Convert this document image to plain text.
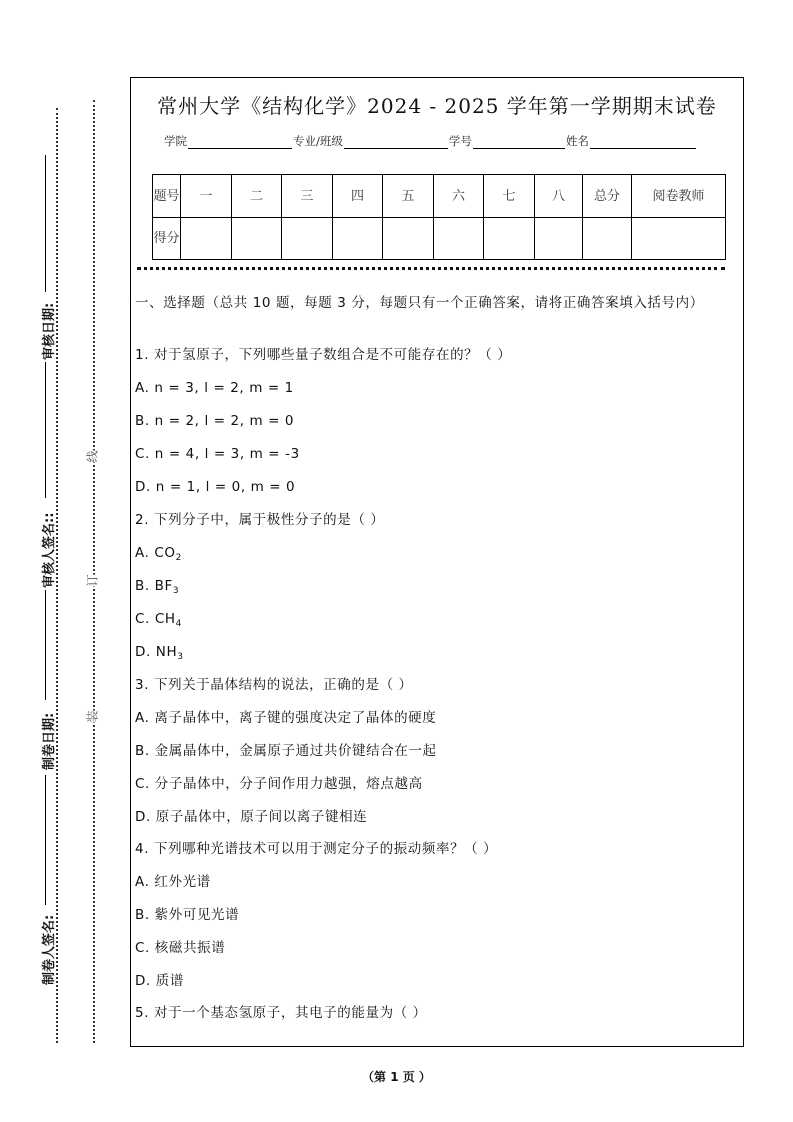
审核日期:
审核人签名::
制卷日期:
制卷人签名:
线
订
装
常州大学《结构化学》2024 - 2025 学年第一学期期末试卷
学院	专业/班级	学号	姓名
题号	一	二	三	四	五	六	七	八	总分	阅卷教师
得分										
一、选择题（总共 10 题，每题 3 分，每题只有一个正确答案，请将正确答案填入括号内）
1. 对于氢原子，下列哪些量子数组合是不可能存在的？（ ）
A. n = 3, l = 2, m = 1
B. n = 2, l = 2, m = 0
C. n = 4, l = 3, m = -3
D. n = 1, l = 0, m = 0
2. 下列分子中，属于极性分子的是（ ）
A. $CO_2$
B. $BF_3$
C. $CH_4$
D. $NH_3$
3. 下列关于晶体结构的说法，正确的是（ ）
A. 离子晶体中，离子键的强度决定了晶体的硬度
B. 金属晶体中，金属原子通过共价键结合在一起
C. 分子晶体中，分子间作用力越强，熔点越高
D. 原子晶体中，原子间以离子键相连
4. 下列哪种光谱技术可以用于测定分子的振动频率？（ ）
A. 红外光谱
B. 紫外可见光谱
C. 核磁共振谱
D. 质谱
5. 对于一个基态氢原子，其电子的能量为（ ）
（第 1 页 ）
